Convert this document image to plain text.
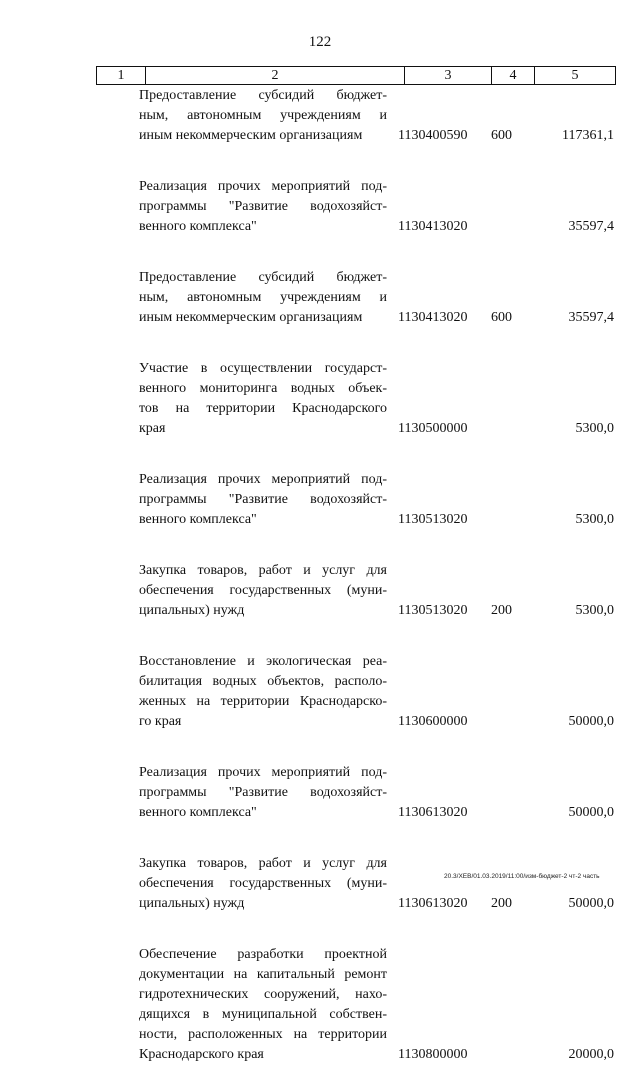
122
1	2	3	4	5
Предоставление субсидий бюджет-
ным, автономным учреждениям и
иным некоммерческим организациям	1130400590 600	117361,1
Реализация прочих мероприятий под-
программы "Развитие водохозяйст-
венного комплекса"	1130413020	35597,4
Предоставление субсидий бюджет-
ным, автономным учреждениям и
иным некоммерческим организациям	1130413020 600	35597,4
Участие в осуществлении государст-
венного мониторинга водных объек-
тов на территории Краснодарского
края	1130500000	5300,0
Реализация прочих мероприятий под-
программы "Развитие водохозяйст-
венного комплекса"	1130513020	5300,0
Закупка товаров, работ и услуг для
обеспечения государственных (муни-
ципальных) нужд	1130513020 200	5300,0
Восстановление и экологическая реа-
билитация водных объектов, располо-
женных на территории Краснодарско-
го края	1130600000	50000,0
Реализация прочих мероприятий под-
программы "Развитие водохозяйст-
венного комплекса"	1130613020	50000,0
Закупка товаров, работ и услуг для
обеспечения государственных (муни-
ципальных) нужд	1130613020 200	50000,0
Обеспечение разработки проектной
документации на капитальный ремонт
гидротехнических сооружений, нахо-
дящихся в муниципальной собствен-
ности, расположенных на территории
Краснодарского края	1130800000	20000,0
20.3/ХЕВ/01.03.2019/11:00/изм-бюджет-2 чт-2 часть
